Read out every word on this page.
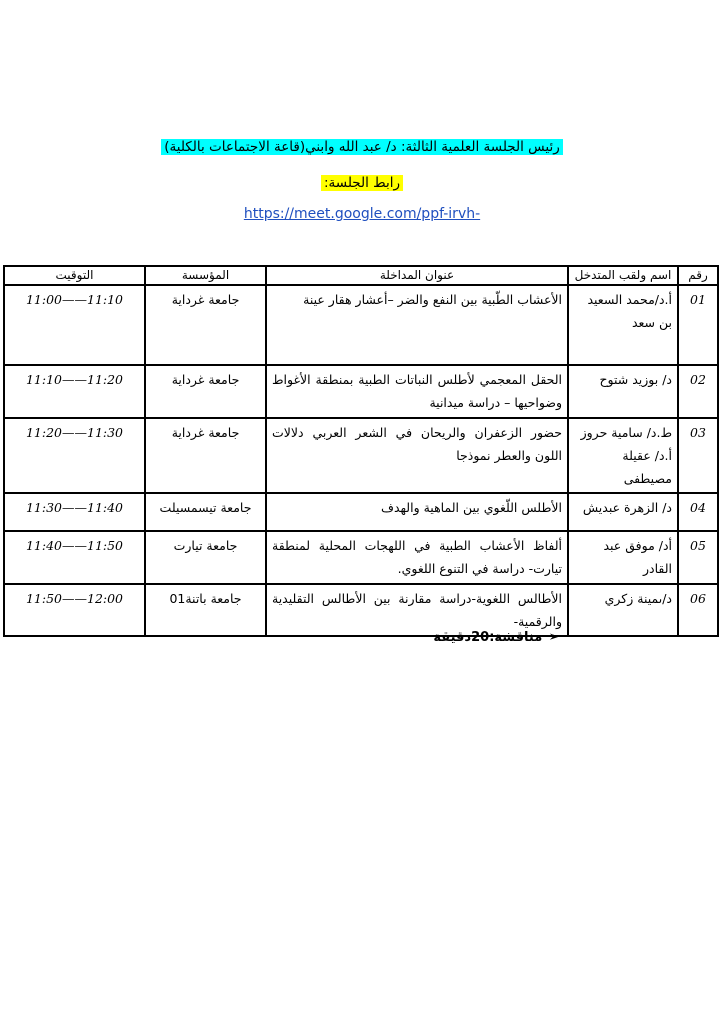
رئيس الجلسة العلمية الثالثة: د/ عبد الله وابني(قاعة الاجتماعات بالكلية)
رابط الجلسة:
https://meet.google.com/ppf-irvh-
رقم	اسم ولقب المتدخل	عنوان المداخلة	المؤسسة	التوقيت
01	أ.د/محمد السعيد بن سعد	الأعشاب الطّبية بين النفع والضر –أعشار هقار عينة	جامعة غرداية	11:00——11:10
02	د/ بوزيد شتوح	الحقل المعجمي لأطلس النباتات الطبية بمنطقة الأغواط وضواحيها – دراسة ميدانية	جامعة غرداية	11:10——11:20
03	ط.د/ سامية حروز أ.د/ عقيلة مصيطفى	حضور الزعفران والريحان في الشعر العربي دلالات اللون والعطر نموذجا	جامعة غرداية	11:20——11:30
04	د/ الزهرة عبديش	الأطلس اللّغوي بين الماهية والهدف	جامعة تيسمسيلت	11:30——11:40
05	أد/ موفق عبد القادر	ألفاظ الأعشاب الطبية في اللهجات المحلية لمنطقة تيارت- دراسة في التنوع اللغوي.	جامعة تيارت	11:40——11:50
06	د/ىمينة زكري	الأطالس اللغوية-دراسة مقارنة بين الأطالس التقليدية والرقمية-	جامعة باتنة01	11:50——12:00
➢مناقشة:20دقيقة
